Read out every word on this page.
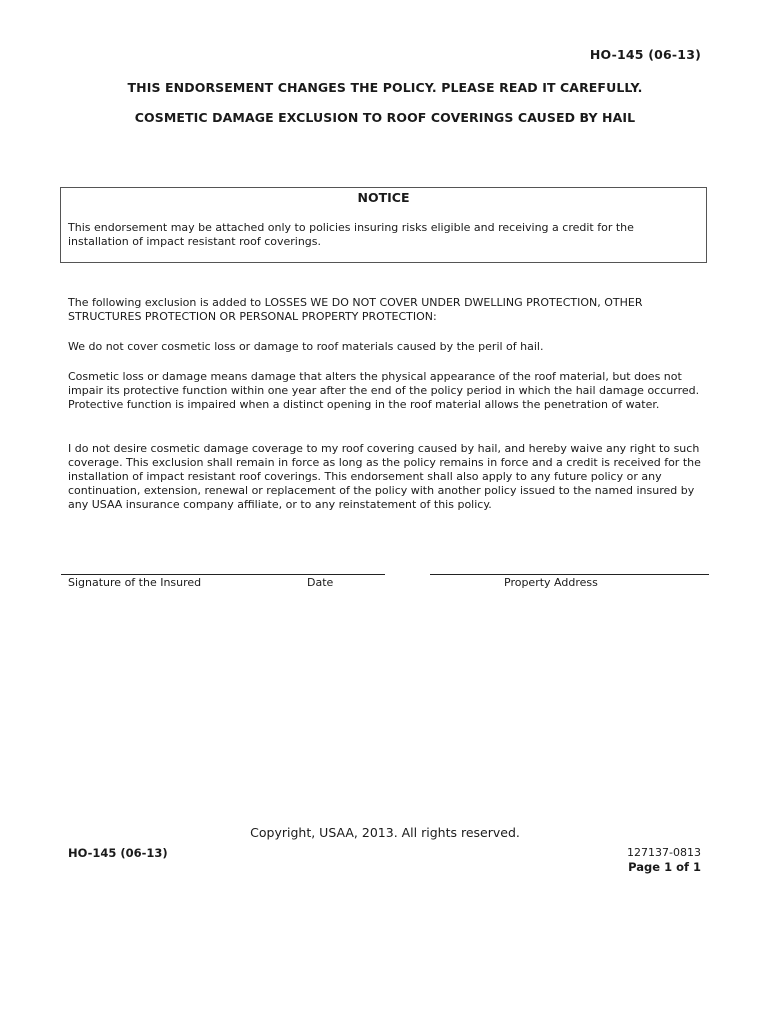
HO-145 (06-13)
THIS ENDORSEMENT CHANGES THE POLICY. PLEASE READ IT CAREFULLY.
COSMETIC DAMAGE EXCLUSION TO ROOF COVERINGS CAUSED BY HAIL
NOTICE
This endorsement may be attached only to policies insuring risks eligible and receiving a credit for the installation of impact resistant roof coverings.
The following exclusion is added to LOSSES WE DO NOT COVER UNDER DWELLING PROTECTION, OTHER STRUCTURES PROTECTION OR PERSONAL PROPERTY PROTECTION:
We do not cover cosmetic loss or damage to roof materials caused by the peril of hail.
Cosmetic loss or damage means damage that alters the physical appearance of the roof material, but does not impair its protective function within one year after the end of the policy period in which the hail damage occurred. Protective function is impaired when a distinct opening in the roof material allows the penetration of water.
I do not desire cosmetic damage coverage to my roof covering caused by hail, and hereby waive any right to such coverage. This exclusion shall remain in force as long as the policy remains in force and a credit is received for the installation of impact resistant roof coverings. This endorsement shall also apply to any future policy or any continuation, extension, renewal or replacement of the policy with another policy issued to the named insured by any USAA insurance company affiliate, or to any reinstatement of this policy.
Signature of the Insured	Date	Property Address
Copyright, USAA, 2013. All rights reserved.
HO-145 (06-13)	127137-0813
Page 1 of 1
